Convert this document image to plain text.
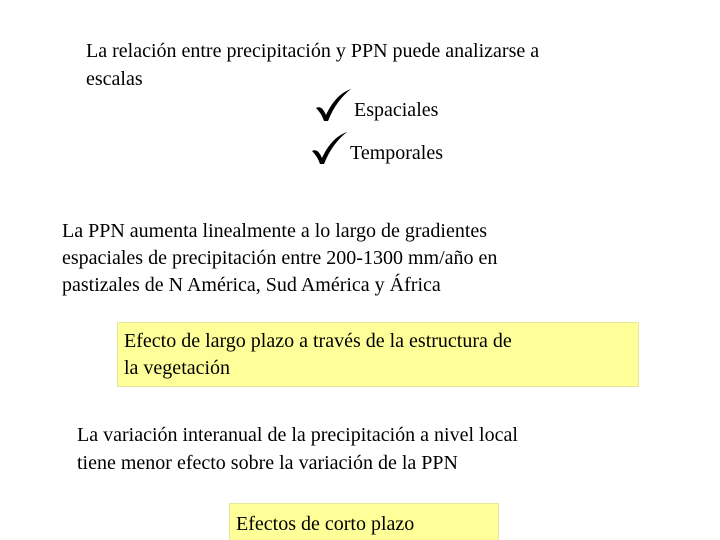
La relación entre precipitación y PPN puede analizarse a
escalas
Espaciales
Temporales
La PPN aumenta linealmente a lo largo de gradientes
espaciales de precipitación entre 200-1300 mm/año en
pastizales de N América, Sud América y África
Efecto de largo plazo a través de la estructura de
la vegetación
La variación interanual de la precipitación a nivel local
tiene menor efecto sobre la variación de la PPN
Efectos de corto plazo
